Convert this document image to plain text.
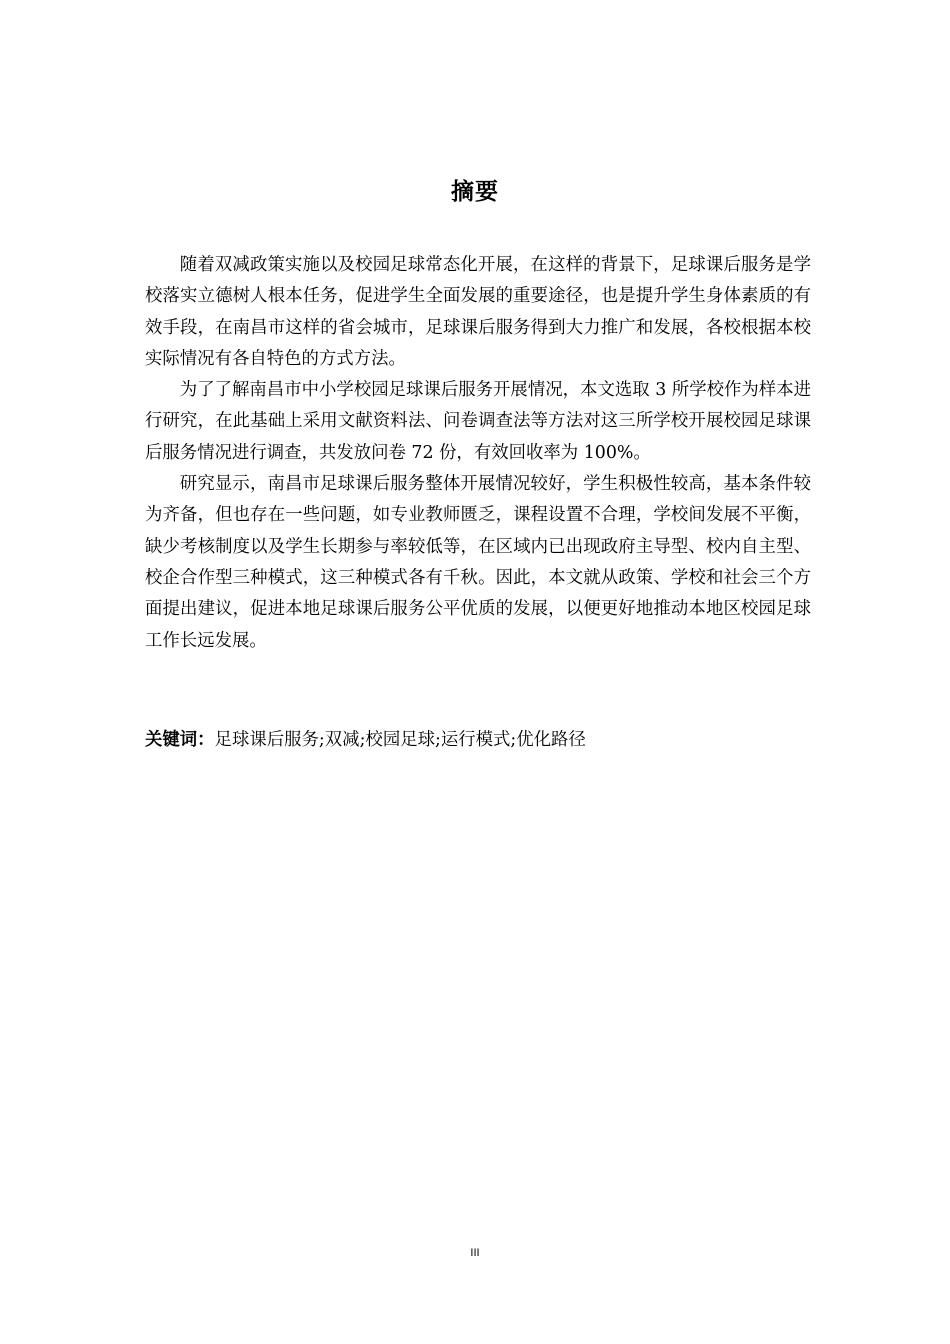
摘要

随着双减政策实施以及校园足球常态化开展，在这样的背景下，足球课后服务是学校落实立德树人根本任务，促进学生全面发展的重要途径，也是提升学生身体素质的有效手段，在南昌市这样的省会城市，足球课后服务得到大力推广和发展，各校根据本校实际情况有各自特色的方式方法。

为了了解南昌市中小学校园足球课后服务开展情况，本文选取 3 所学校作为样本进行研究，在此基础上采用文献资料法、问卷调查法等方法对这三所学校开展校园足球课后服务情况进行调查，共发放问卷 72 份，有效回收率为 100%。

研究显示，南昌市足球课后服务整体开展情况较好，学生积极性较高，基本条件较为齐备，但也存在一些问题，如专业教师匮乏，课程设置不合理，学校间发展不平衡，缺少考核制度以及学生长期参与率较低等，在区域内已出现政府主导型、校内自主型、校企合作型三种模式，这三种模式各有千秋。因此，本文就从政策、学校和社会三个方面提出建议，促进本地足球课后服务公平优质的发展，以便更好地推动本地区校园足球工作长远发展。

关键词：足球课后服务;双减;校园足球;运行模式;优化路径
III
